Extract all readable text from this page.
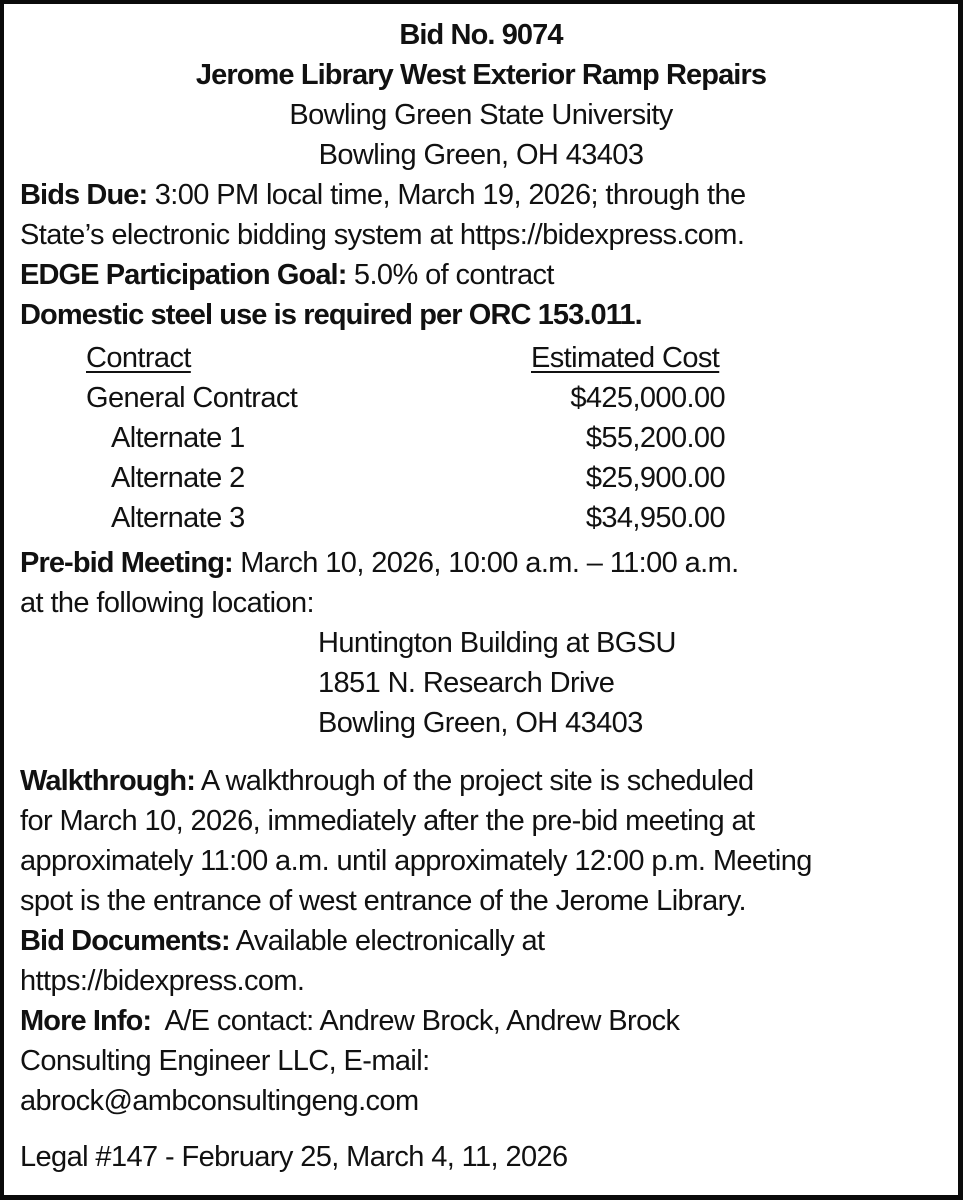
Bid No. 9074
Jerome Library West Exterior Ramp Repairs
Bowling Green State University
Bowling Green, OH 43403
Bids Due: 3:00 PM local time, March 19, 2026; through the
State’s electronic bidding system at https://bidexpress.com.
EDGE Participation Goal: 5.0% of contract
Domestic steel use is required per ORC 153.011.
Contract	Estimated Cost
General Contract	$425,000.00
Alternate 1	$55,200.00
Alternate 2	$25,900.00
Alternate 3	$34,950.00
Pre-bid Meeting: March 10, 2026, 10:00 a.m. – 11:00 a.m.
at the following location:
Huntington Building at BGSU
1851 N. Research Drive
Bowling Green, OH 43403
Walkthrough: A walkthrough of the project site is scheduled
for March 10, 2026, immediately after the pre-bid meeting at
approximately 11:00 a.m. until approximately 12:00 p.m. Meeting
spot is the entrance of west entrance of the Jerome Library.
Bid Documents: Available electronically at
https://bidexpress.com.
More Info:  A/E contact: Andrew Brock, Andrew Brock
Consulting Engineer LLC, E-mail:
abrock@ambconsultingeng.com
Legal #147 - February 25, March 4, 11, 2026
